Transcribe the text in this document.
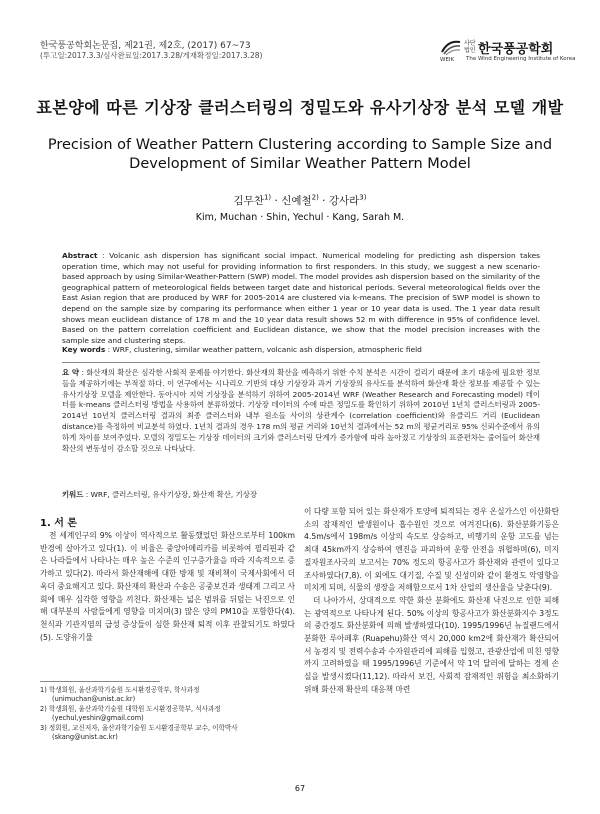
한국풍공학회논문집, 제21권, 제2호, (2017) 67~73
(투고일:2017.3.3/심사완료일:2017.3.28/게재확정일:2017.3.28)
사단
법인 한국풍공학회
WEIK The Wind Engineering Institute of Korea
표본양에 따른 기상장 클러스터링의 정밀도와 유사기상장 분석 모델 개발
Precision of Weather Pattern Clustering according to Sample Size and Development of Similar Weather Pattern Model
김무찬$^{1)}$ · 신예철$^{2)}$ · 강사라$^{3)}$
Kim, Muchan · Shin, Yechul · Kang, Sarah M.
Abstract : Volcanic ash dispersion has significant social impact. Numerical modeling for predicting ash dispersion takes operation time, which may not useful for providing information to first responders. In this study, we suggest a new scenario-based approach by using Similar-Weather-Pattern (SWP) model. The model provides ash dispersion based on the similarity of the geographical pattern of meteorological fields between target date and historical periods. Several meteorological fields over the East Asian region that are produced by WRF for 2005-2014 are clustered via k-means. The precision of SWP model is shown to depend on the sample size by comparing its performance when either 1 year or 10 year data is used. The 1 year data result shows mean euclidean distance of 178 m and the 10 year data result shows 52 m with difference in 95% of confidence level. Based on the pattern correlation coefficient and Euclidean distance, we show that the model precision increases with the sample size and clustering steps.
Key words : WRF, clustering, similar weather pattern, volcanic ash dispersion, atmospheric field
요 약 : 화산재의 확산은 심각한 사회적 문제를 야기한다. 화산재의 확산을 예측하기 위한 수치 분석은 시간이 걸리기 때문에 초기 대응에 필요한 정보들을 제공하기에는 부적절 하다. 이 연구에서는 시나리오 기반의 대상 기상장과 과거 기상장의 유사도를 분석하여 화산재 확산 정보를 제공할 수 있는 유사기상장 모델을 제안한다. 동아시아 지역 기상장을 분석하기 위하여 2005-2014년 WRF (Weather Research and Forecasting model) 데이터를 k-means 클러스터링 방법을 사용하여 분류하였다. 기상장 데이터의 수에 따른 정밀도를 확인하기 위하여 2010년 1년치 클러스터링과 2005-2014년 10년치 클러스터링 결과의 최종 클러스터와 내부 원소들 사이의 상관계수 (correlation coefficient)와 유클리드 거리 (Euclidean distance)를 측정하여 비교분석 하였다. 1년치 결과의 경우 178 m의 평균 거리와 10년치 결과에서는 52 m의 평균거리로 95% 신뢰수준에서 유의하게 차이를 보여주었다. 모델의 정밀도는 기상장 데이터의 크기와 클러스터링 단계가 증가함에 따라 높아졌고 기상장의 표준편차는 줄어들어 화산재 확산의 변동성이 감소할 것으로 나타났다.
키워드 : WRF, 클러스터링, 유사기상장, 화산재 확산, 기상장
1. 서 론

전 세계인구의 9% 이상이 역사적으로 활동했었던 화산으로부터 100km 반경에 살아가고 있다(1). 이 비율은 중앙아메리카를 비롯하여 필리핀과 같은 나라들에서 나타나는 매우 높은 수준의 인구증가율을 따라 지속적으로 증가하고 있다(2). 따라서 화산재해에 대한 방재 및 재비책이 국제사회에서 더욱더 중요해지고 있다. 화산재의 확산과 수송은 공중보건과 생태계 그리고 사회에 매우 심각한 영향을 끼친다. 화산재는 넓은 범위를 뒤덮는 낙진으로 인해 대부분의 사람들에게 영향을 미치며(3) 많은 양의 PM10을 포함한다(4). 천식과 기관지염의 급성 증상들이 심한 화산재 퇴적 이후 관찰되기도 하였다(5). 도양유기물

1) 학생회원, 울산과학기술원 도시환경공학부, 학사과정
(unimuchan@unist.ac.kr)
2) 학생회원, 울산과학기술원 대학원 도시환경공학부, 석사과정
(yechul,yeshin@gmail.com)
3) 정회원, 교신저자, 울산과학기술원 도시환경공학부 교수, 이학박사
(skang@unist.ac.kr)

이 다량 포함 되어 있는 화산재가 토양에 퇴적되는 경우 온실가스인 이산화탄소의 잠재적인 발생원이나 흡수원인 것으로 여겨진다(6). 화산분화기등은 4.5m/s에서 198m/s 이상의 속도로 상승하고, 비행기의 운항 고도를 넘는 최대 45km까지 상승하여 엔진을 파괴하여 운항 안전을 위협하며(6), 미지질자원조사국의 보고서는 70% 정도의 항공사고가 화산재와 관련이 있다고 조사하였다(7,8). 이 외에도 대기질, 수질 및 신성미와 같이 환경도 악영향을 미치게 되며, 식물의 생장을 저해함으로서 1차 산업의 생산율을 낮춘다(9).

더 나아가서, 상대적으로 약한 화산 분화에도 화산재 낙진으로 인한 피해는 광역적으로 나타나게 된다. 50% 이상의 항공사고가 화산분화지수 3정도의 중간정도 화산분화에 의해 발생하였다(10). 1995/1996년 뉴질랜드에서 분화한 루아페후 (Ruapehu)화산 역시 20,000 km2에 화산재가 확산되어서 농경지 및 전력수송과 수자원관리에 피해를 입혔고, 관광산업에 미친 영향까지 고려하였을 때 1995/1996년 기준에서 약 1억 달러에 달하는 경제 손실을 발생시켰다(11,12). 따라서 보건, 사회적 잠재적인 위험을 최소화하기 위해 화산재 확산의 대응책 마련

67
